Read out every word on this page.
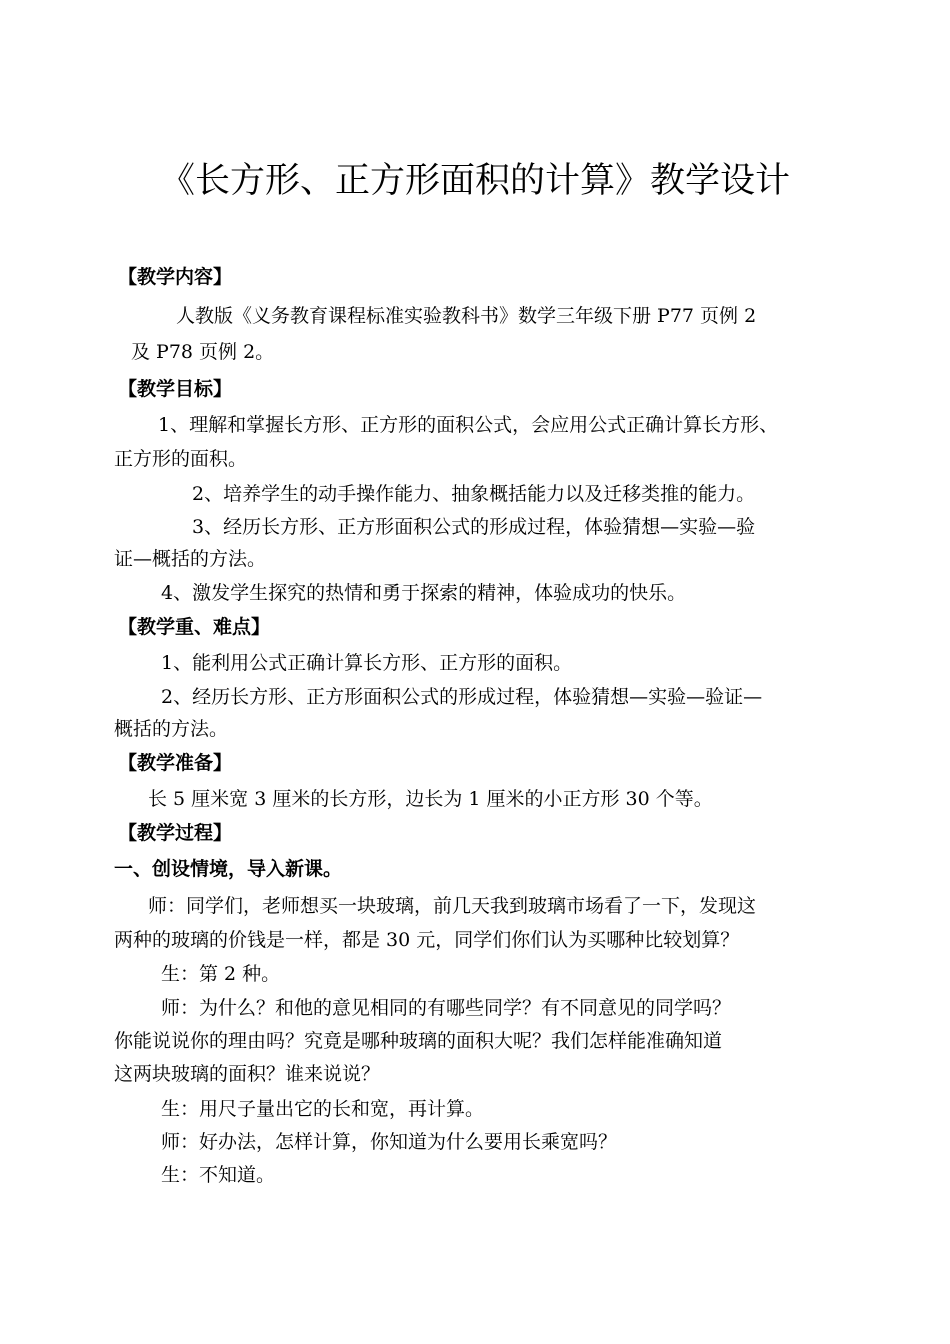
《长方形、正方形面积的计算》教学设计
【教学内容】
人教版《义务教育课程标准实验教科书》数学三年级下册 P77 页例 2
及 P78 页例 2。
【教学目标】
1、理解和掌握长方形、正方形的面积公式，会应用公式正确计算长方形、
正方形的面积。
2、培养学生的动手操作能力、抽象概括能力以及迁移类推的能力。
3、经历长方形、正方形面积公式的形成过程，体验猜想—实验—验
证—概括的方法。
4、激发学生探究的热情和勇于探索的精神，体验成功的快乐。
【教学重、难点】
1、能利用公式正确计算长方形、正方形的面积。
2、经历长方形、正方形面积公式的形成过程，体验猜想—实验—验证—
概括的方法。
【教学准备】
长 5 厘米宽 3 厘米的长方形，边长为 1 厘米的小正方形 30 个等。
【教学过程】
一、创设情境，导入新课。
师：同学们，老师想买一块玻璃，前几天我到玻璃市场看了一下，发现这
两种的玻璃的价钱是一样，都是 30 元，同学们你们认为买哪种比较划算？
生：第 2 种。
师：为什么？和他的意见相同的有哪些同学？有不同意见的同学吗？
你能说说你的理由吗？究竟是哪种玻璃的面积大呢？我们怎样能准确知道
这两块玻璃的面积？谁来说说？
生：用尺子量出它的长和宽，再计算。
师：好办法，怎样计算，你知道为什么要用长乘宽吗？
生：不知道。
